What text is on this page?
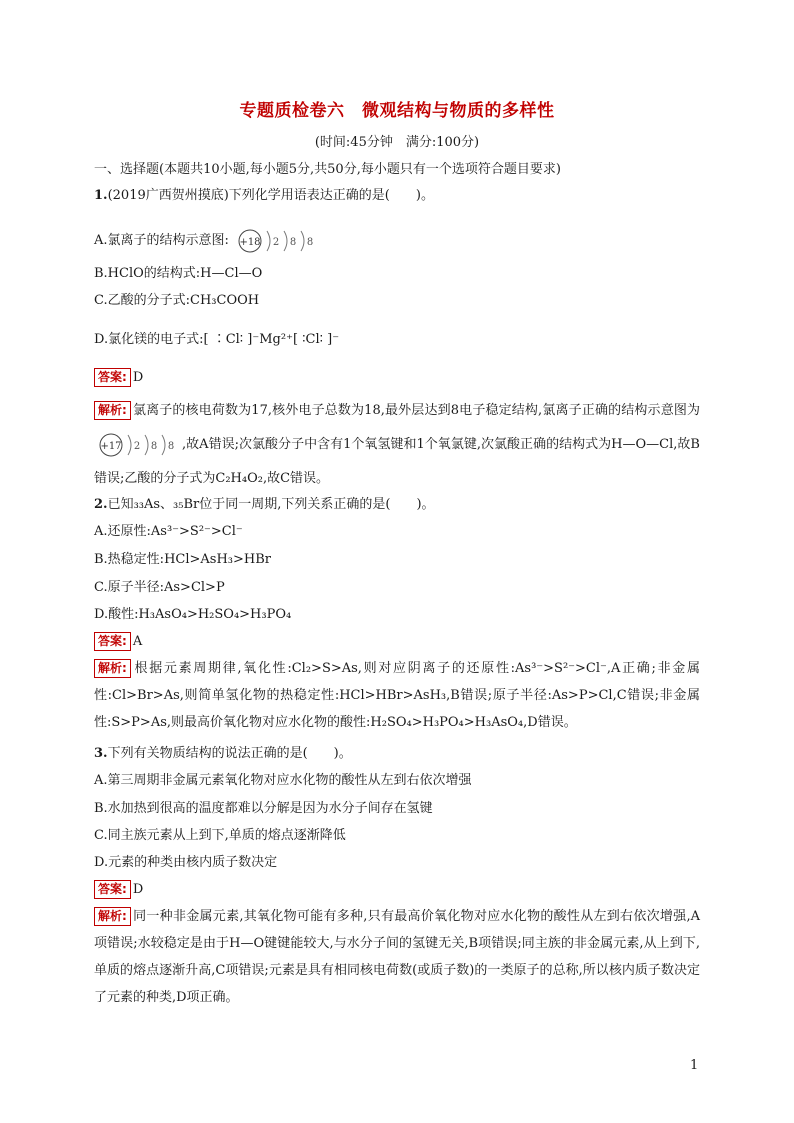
专题质检卷六　微观结构与物质的多样性
(时间:45分钟　满分:100分)
一、选择题(本题共10小题,每小题5分,共50分,每小题只有一个选项符合题目要求)
1.(2019广西贺州摸底)下列化学用语表达正确的是(　　)。
A.氯离子的结构示意图: +18 2 8 8
B.HClO的结构式:H—Cl—O
C.乙酸的分子式:CH₃COOH
D.氯化镁的电子式:[ ∶Cl∶ ]⁻Mg²⁺[ ∶Cl∶ ]⁻
答案: D
解析: 氯离子的核电荷数为17,核外电子总数为18,最外层达到8电子稳定结构,氯离子正确的结构示意图为
+17 2 8 8 ,故A错误;次氯酸分子中含有1个氧氢键和1个氧氯键,次氯酸正确的结构式为H—O—Cl,故B错误;乙酸的分子式为C₂H₄O₂,故C错误。
2.已知₃₃As、₃₅Br位于同一周期,下列关系正确的是(　　)。
A.还原性:As³⁻>S²⁻>Cl⁻
B.热稳定性:HCl>AsH₃>HBr
C.原子半径:As>Cl>P
D.酸性:H₃AsO₄>H₂SO₄>H₃PO₄
答案: A
解析: 根据元素周期律,氧化性:Cl₂>S>As,则对应阴离子的还原性:As³⁻>S²⁻>Cl⁻,A正确;非金属性:Cl>Br>As,则简单氢化物的热稳定性:HCl>HBr>AsH₃,B错误;原子半径:As>P>Cl,C错误;非金属性:S>P>As,则最高价氧化物对应水化物的酸性:H₂SO₄>H₃PO₄>H₃AsO₄,D错误。
3.下列有关物质结构的说法正确的是(　　)。
A.第三周期非金属元素氧化物对应水化物的酸性从左到右依次增强
B.水加热到很高的温度都难以分解是因为水分子间存在氢键
C.同主族元素从上到下,单质的熔点逐渐降低
D.元素的种类由核内质子数决定
答案: D
解析: 同一种非金属元素,其氧化物可能有多种,只有最高价氧化物对应水化物的酸性从左到右依次增强,A项错误;水较稳定是由于H—O键键能较大,与水分子间的氢键无关,B项错误;同主族的非金属元素,从上到下,单质的熔点逐渐升高,C项错误;元素是具有相同核电荷数(或质子数)的一类原子的总称,所以核内质子数决定了元素的种类,D项正确。
1
